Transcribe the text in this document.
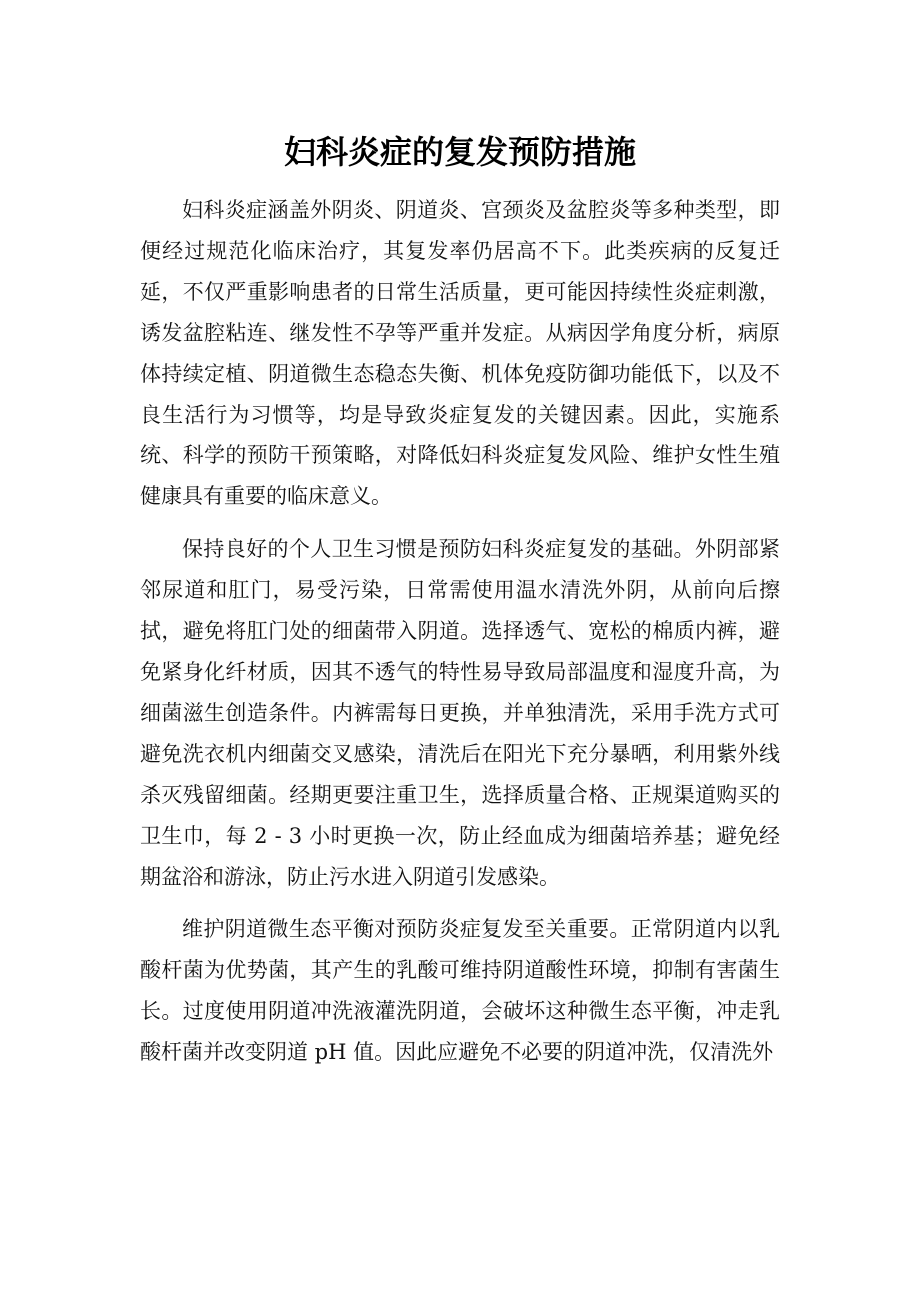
妇科炎症的复发预防措施

妇科炎症涵盖外阴炎、阴道炎、宫颈炎及盆腔炎等多种类型，即便经过规范化临床治疗，其复发率仍居高不下。此类疾病的反复迁延，不仅严重影响患者的日常生活质量，更可能因持续性炎症刺激，诱发盆腔粘连、继发性不孕等严重并发症。从病因学角度分析，病原体持续定植、阴道微生态稳态失衡、机体免疫防御功能低下，以及不良生活行为习惯等，均是导致炎症复发的关键因素。因此，实施系统、科学的预防干预策略，对降低妇科炎症复发风险、维护女性生殖健康具有重要的临床意义。

保持良好的个人卫生习惯是预防妇科炎症复发的基础。外阴部紧邻尿道和肛门，易受污染，日常需使用温水清洗外阴，从前向后擦拭，避免将肛门处的细菌带入阴道。选择透气、宽松的棉质内裤，避免紧身化纤材质，因其不透气的特性易导致局部温度和湿度升高，为细菌滋生创造条件。内裤需每日更换，并单独清洗，采用手洗方式可避免洗衣机内细菌交叉感染，清洗后在阳光下充分暴晒，利用紫外线杀灭残留细菌。经期更要注重卫生，选择质量合格、正规渠道购买的卫生巾，每 2 - 3 小时更换一次，防止经血成为细菌培养基；避免经期盆浴和游泳，防止污水进入阴道引发感染。

维护阴道微生态平衡对预防炎症复发至关重要。正常阴道内以乳酸杆菌为优势菌，其产生的乳酸可维持阴道酸性环境，抑制有害菌生长。过度使用阴道冲洗液灌洗阴道，会破坏这种微生态平衡，冲走乳酸杆菌并改变阴道 pH 值。因此应避免不必要的阴道冲洗，仅清洗外
